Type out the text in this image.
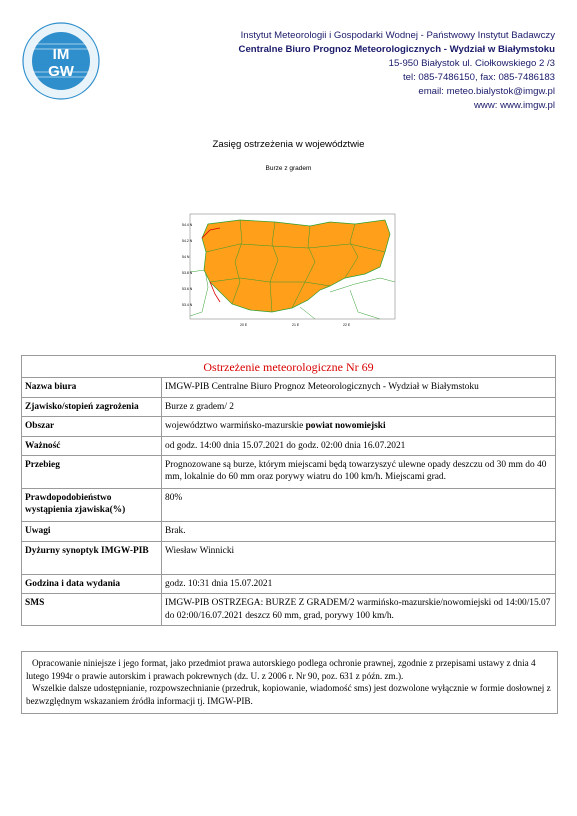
IM
GW
Instytut Meteorologii i Gospodarki Wodnej - Państwowy Instytut Badawczy
Centralne Biuro Prognoz Meteorologicznych - Wydział w Białymstoku
15-950 Białystok ul. Ciołkowskiego 2 /3
tel: 085-7486150, fax: 085-7486183
email: meteo.bialystok@imgw.pl
www: www.imgw.pl
Zasięg ostrzeżenia w województwie
Burze z gradem
54.4 N
54.2 N
54 N
53.8 N
53.6 N
53.4 N
20 E	21 E	22 E
Ostrzeżenie meteorologiczne Nr 69	
Nazwa biura	IMGW-PIB Centralne Biuro Prognoz Meteorologicznych - Wydział w Białymstoku
Zjawisko/stopień zagrożenia	Burze z gradem/ 2
Obszar	województwo warmińsko-mazurskie powiat nowomiejski
Ważność	od godz. 14:00 dnia 15.07.2021 do godz. 02:00 dnia 16.07.2021
Przebieg	Prognozowane są burze, którym miejscami będą towarzyszyć ulewne opady deszczu od 30 mm do 40 mm, lokalnie do 60 mm oraz porywy wiatru do 100 km/h. Miejscami grad.
Prawdopodobieństwo wystąpienia zjawiska(%)	80%
Uwagi	Brak.
Dyżurny synoptyk IMGW-PIB	Wiesław Winnicki
Godzina i data wydania	godz. 10:31 dnia 15.07.2021
SMS	IMGW-PIB OSTRZEGA: BURZE Z GRADEM/2 warmińsko-mazurskie/nowomiejski od 14:00/15.07 do 02:00/16.07.2021 deszcz 60 mm, grad, porywy 100 km/h.

Opracowanie niniejsze i jego format, jako przedmiot prawa autorskiego podlega ochronie prawnej, zgodnie z przepisami ustawy z dnia 4 lutego 1994r o prawie autorskim i prawach pokrewnych (dz. U. z 2006 r. Nr 90, poz. 631 z późn. zm.).

Wszelkie dalsze udostępnianie, rozpowszechnianie (przedruk, kopiowanie, wiadomość sms) jest dozwolone wyłącznie w formie dosłownej z bezwzględnym wskazaniem źródła informacji tj. IMGW-PIB.
